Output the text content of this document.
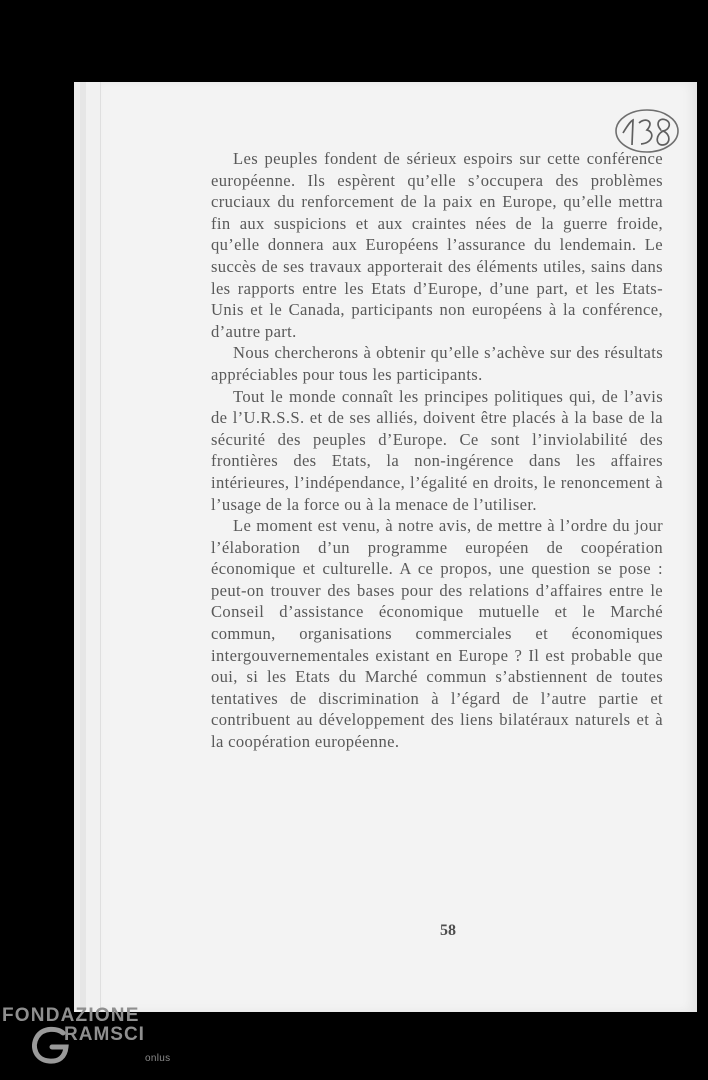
Les peuples fondent de sérieux espoirs sur cette conférence européenne. Ils espèrent qu’elle s’occupera des problèmes cruciaux du renforcement de la paix en Europe, qu’elle mettra fin aux suspicions et aux craintes nées de la guerre froide, qu’elle donnera aux Européens l’assurance du lendemain. Le succès de ses travaux apporterait des éléments utiles, sains dans les rapports entre les Etats d’Europe, d’une part, et les Etats-Unis et le Canada, participants non européens à la conférence, d’autre part.

Nous chercherons à obtenir qu’elle s’achève sur des résultats appréciables pour tous les participants.

Tout le monde connaît les principes politiques qui, de l’avis de l’U.R.S.S. et de ses alliés, doivent être placés à la base de la sécurité des peuples d’Europe. Ce sont l’inviolabilité des frontières des Etats, la non-ingérence dans les affaires intérieures, l’indépendance, l’égalité en droits, le renoncement à l’usage de la force ou à la menace de l’utiliser.

Le moment est venu, à notre avis, de mettre à l’ordre du jour l’élaboration d’un programme européen de coopération économique et culturelle. A ce propos, une question se pose : peut-on trouver des bases pour des relations d’affaires entre le Conseil d’assistance économique mutuelle et le Marché commun, organisations commerciales et économiques intergouvernementales existant en Europe ? Il est probable que oui, si les Etats du Marché commun s’abstiennent de toutes tentatives de discrimination à l’égard de l’autre partie et contribuent au développement des liens bilatéraux naturels et à la coopération européenne.

58
FONDAZIONE
RAMSCI
onlus
